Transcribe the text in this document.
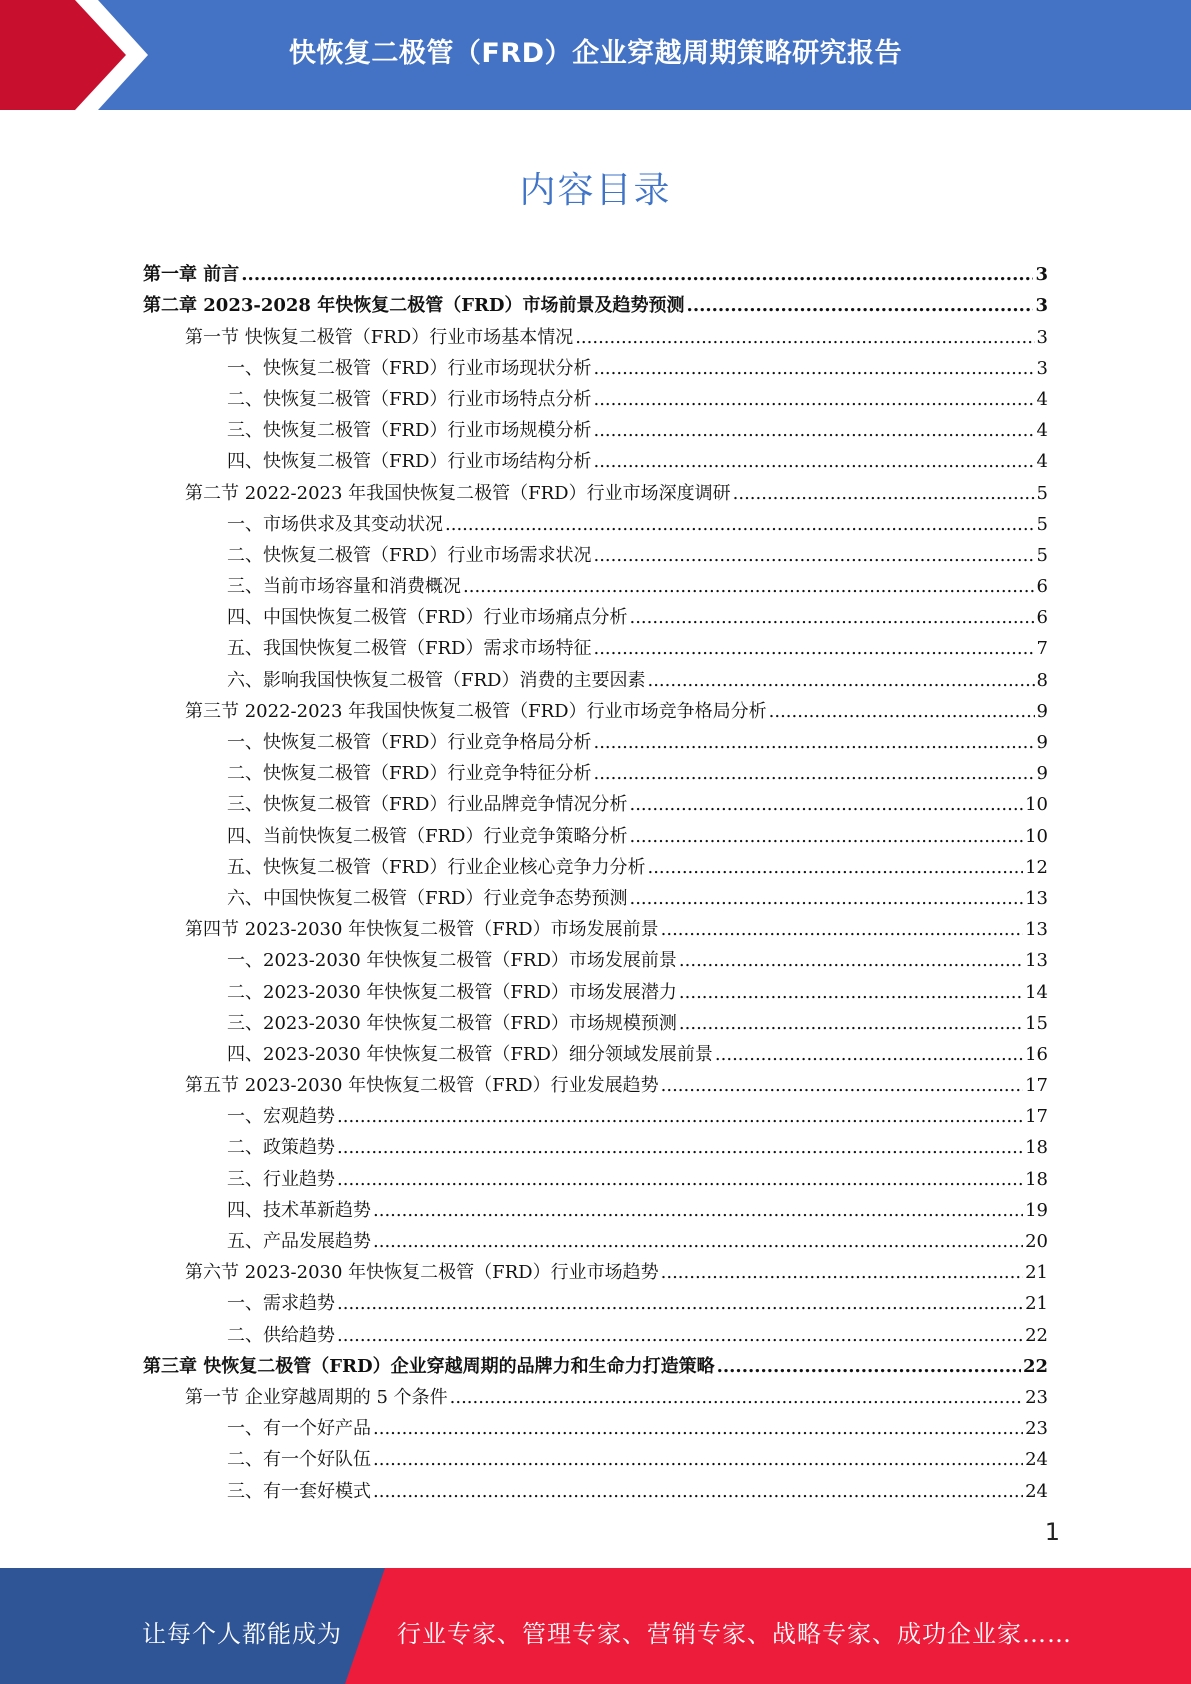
快恢复二极管（FRD）企业穿越周期策略研究报告
内容目录
第一章 前言 .....	3
第二章 2023-2028 年快恢复二极管（FRD）市场前景及趋势预测 .....	3
第一节 快恢复二极管（FRD）行业市场基本情况 .....	3
一、快恢复二极管（FRD）行业市场现状分析 .....	3
二、快恢复二极管（FRD）行业市场特点分析 .....	4
三、快恢复二极管（FRD）行业市场规模分析 .....	4
四、快恢复二极管（FRD）行业市场结构分析 .....	4
第二节 2022-2023 年我国快恢复二极管（FRD）行业市场深度调研 .....	5
一、市场供求及其变动状况 .....	5
二、快恢复二极管（FRD）行业市场需求状况 .....	5
三、当前市场容量和消费概况 .....	6
四、中国快恢复二极管（FRD）行业市场痛点分析 .....	6
五、我国快恢复二极管（FRD）需求市场特征 .....	7
六、影响我国快恢复二极管（FRD）消费的主要因素 .....	8
第三节 2022-2023 年我国快恢复二极管（FRD）行业市场竞争格局分析 .....	9
一、快恢复二极管（FRD）行业竞争格局分析 .....	9
二、快恢复二极管（FRD）行业竞争特征分析 .....	9
三、快恢复二极管（FRD）行业品牌竞争情况分析 .....	10
四、当前快恢复二极管（FRD）行业竞争策略分析 .....	10
五、快恢复二极管（FRD）行业企业核心竞争力分析 .....	12
六、中国快恢复二极管（FRD）行业竞争态势预测 .....	13
第四节 2023-2030 年快恢复二极管（FRD）市场发展前景 .....	13
一、2023-2030 年快恢复二极管（FRD）市场发展前景 .....	13
二、2023-2030 年快恢复二极管（FRD）市场发展潜力 .....	14
三、2023-2030 年快恢复二极管（FRD）市场规模预测 .....	15
四、2023-2030 年快恢复二极管（FRD）细分领域发展前景 .....	16
第五节 2023-2030 年快恢复二极管（FRD）行业发展趋势 .....	17
一、宏观趋势 .....	17
二、政策趋势 .....	18
三、行业趋势 .....	18
四、技术革新趋势 .....	19
五、产品发展趋势 .....	20
第六节 2023-2030 年快恢复二极管（FRD）行业市场趋势 .....	21
一、需求趋势 .....	21
二、供给趋势 .....	22
第三章 快恢复二极管（FRD）企业穿越周期的品牌力和生命力打造策略 .....	22
第一节 企业穿越周期的 5 个条件 .....	23
一、有一个好产品 .....	23
二、有一个好队伍 .....	24
三、有一套好模式 .....	24
1
让每个人都能成为 行业专家、管理专家、营销专家、战略专家、成功企业家……
